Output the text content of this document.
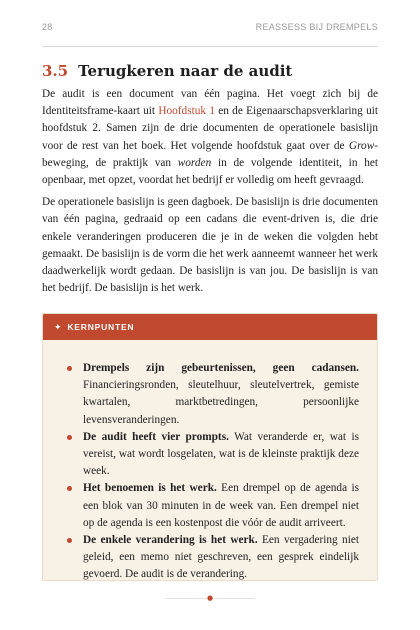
28	REASSESS BIJ DREMPELS
3.5 Terugkeren naar de audit

De audit is een document van één pagina. Het voegt zich bij de Identiteitsframe-kaart uit Hoofdstuk 1 en de Eigenaarschapsverklaring uit hoofdstuk 2. Samen zijn de drie documenten de operationele basislijn voor de rest van het boek. Het volgende hoofdstuk gaat over de Grow-beweging, de praktijk van worden in de volgende identiteit, in het openbaar, met opzet, voordat het bedrijf er volledig om heeft gevraagd.

De operationele basislijn is geen dagboek. De basislijn is drie documenten van één pagina, gedraaid op een cadans die event-driven is, die drie enkele veranderingen produceren die je in de weken die volgden hebt gemaakt. De basislijn is de vorm die het werk aanneemt wanneer het werk daadwerkelijk wordt gedaan. De basislijn is van jou. De basislijn is van het bedrijf. De basislijn is het werk.

✦ KERNPUNTEN
Drempels zijn gebeurtenissen, geen cadansen. Financieringsronden, sleutelhuur, sleutelvertrek, gemiste kwartalen, marktbetredingen, persoonlijke levensveranderingen.
De audit heeft vier prompts. Wat veranderde er, wat is vereist, wat wordt losgelaten, wat is de kleinste praktijk deze week.
Het benoemen is het werk. Een drempel op de agenda is een blok van 30 minuten in de week van. Een drempel niet op de agenda is een kostenpost die vóór de audit arriveert.
De enkele verandering is het werk. Een vergadering niet geleid, een memo niet geschreven, een gesprek eindelijk gevoerd. De audit is de verandering.
●
